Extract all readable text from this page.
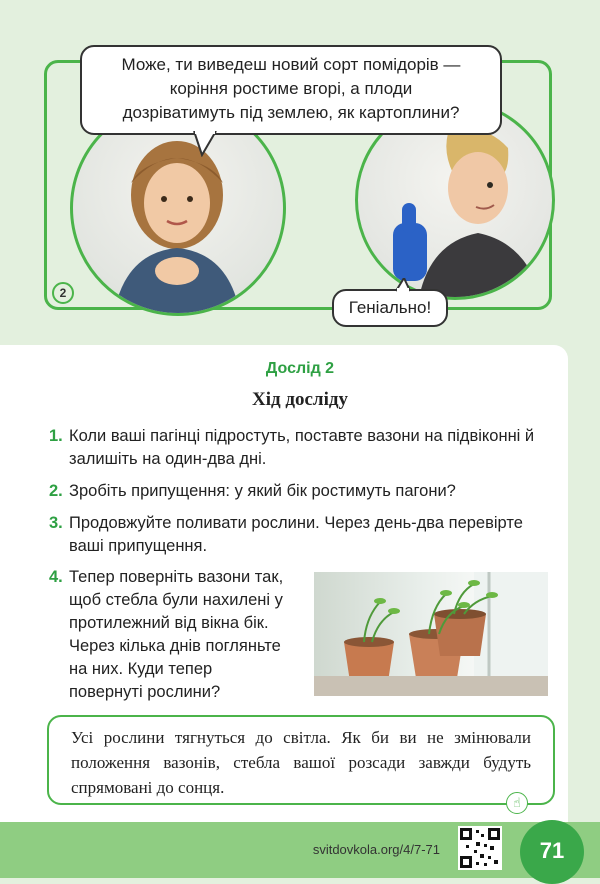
Може, ти виведеш новий сорт помідорів —
коріння ростиме вгорі, а плоди
дозріватимуть під землею, як картоплини?
Геніально!
2
Дослід 2
Хід досліду
1. Коли ваші пагінці підростуть, поставте вазони на підвіконні й залишіть на один-два дні.
2. Зробіть припущення: у який бік ростимуть пагони?
3. Продовжуйте поливати рослини. Через день-два перевірте ваші припущення.
4. Тепер поверніть вазони так, щоб стебла були нахилені у протилежний від вікна бік. Через кілька днів погляньте на них. Куди тепер повернуті рослини?
Усі рослини тягнуться до світла. Як би ви не змінювали положення вазонів, стебла вашої розсади завжди будуть спрямовані до сонця.
☝
svitdovkola.org/4/7-71	71
